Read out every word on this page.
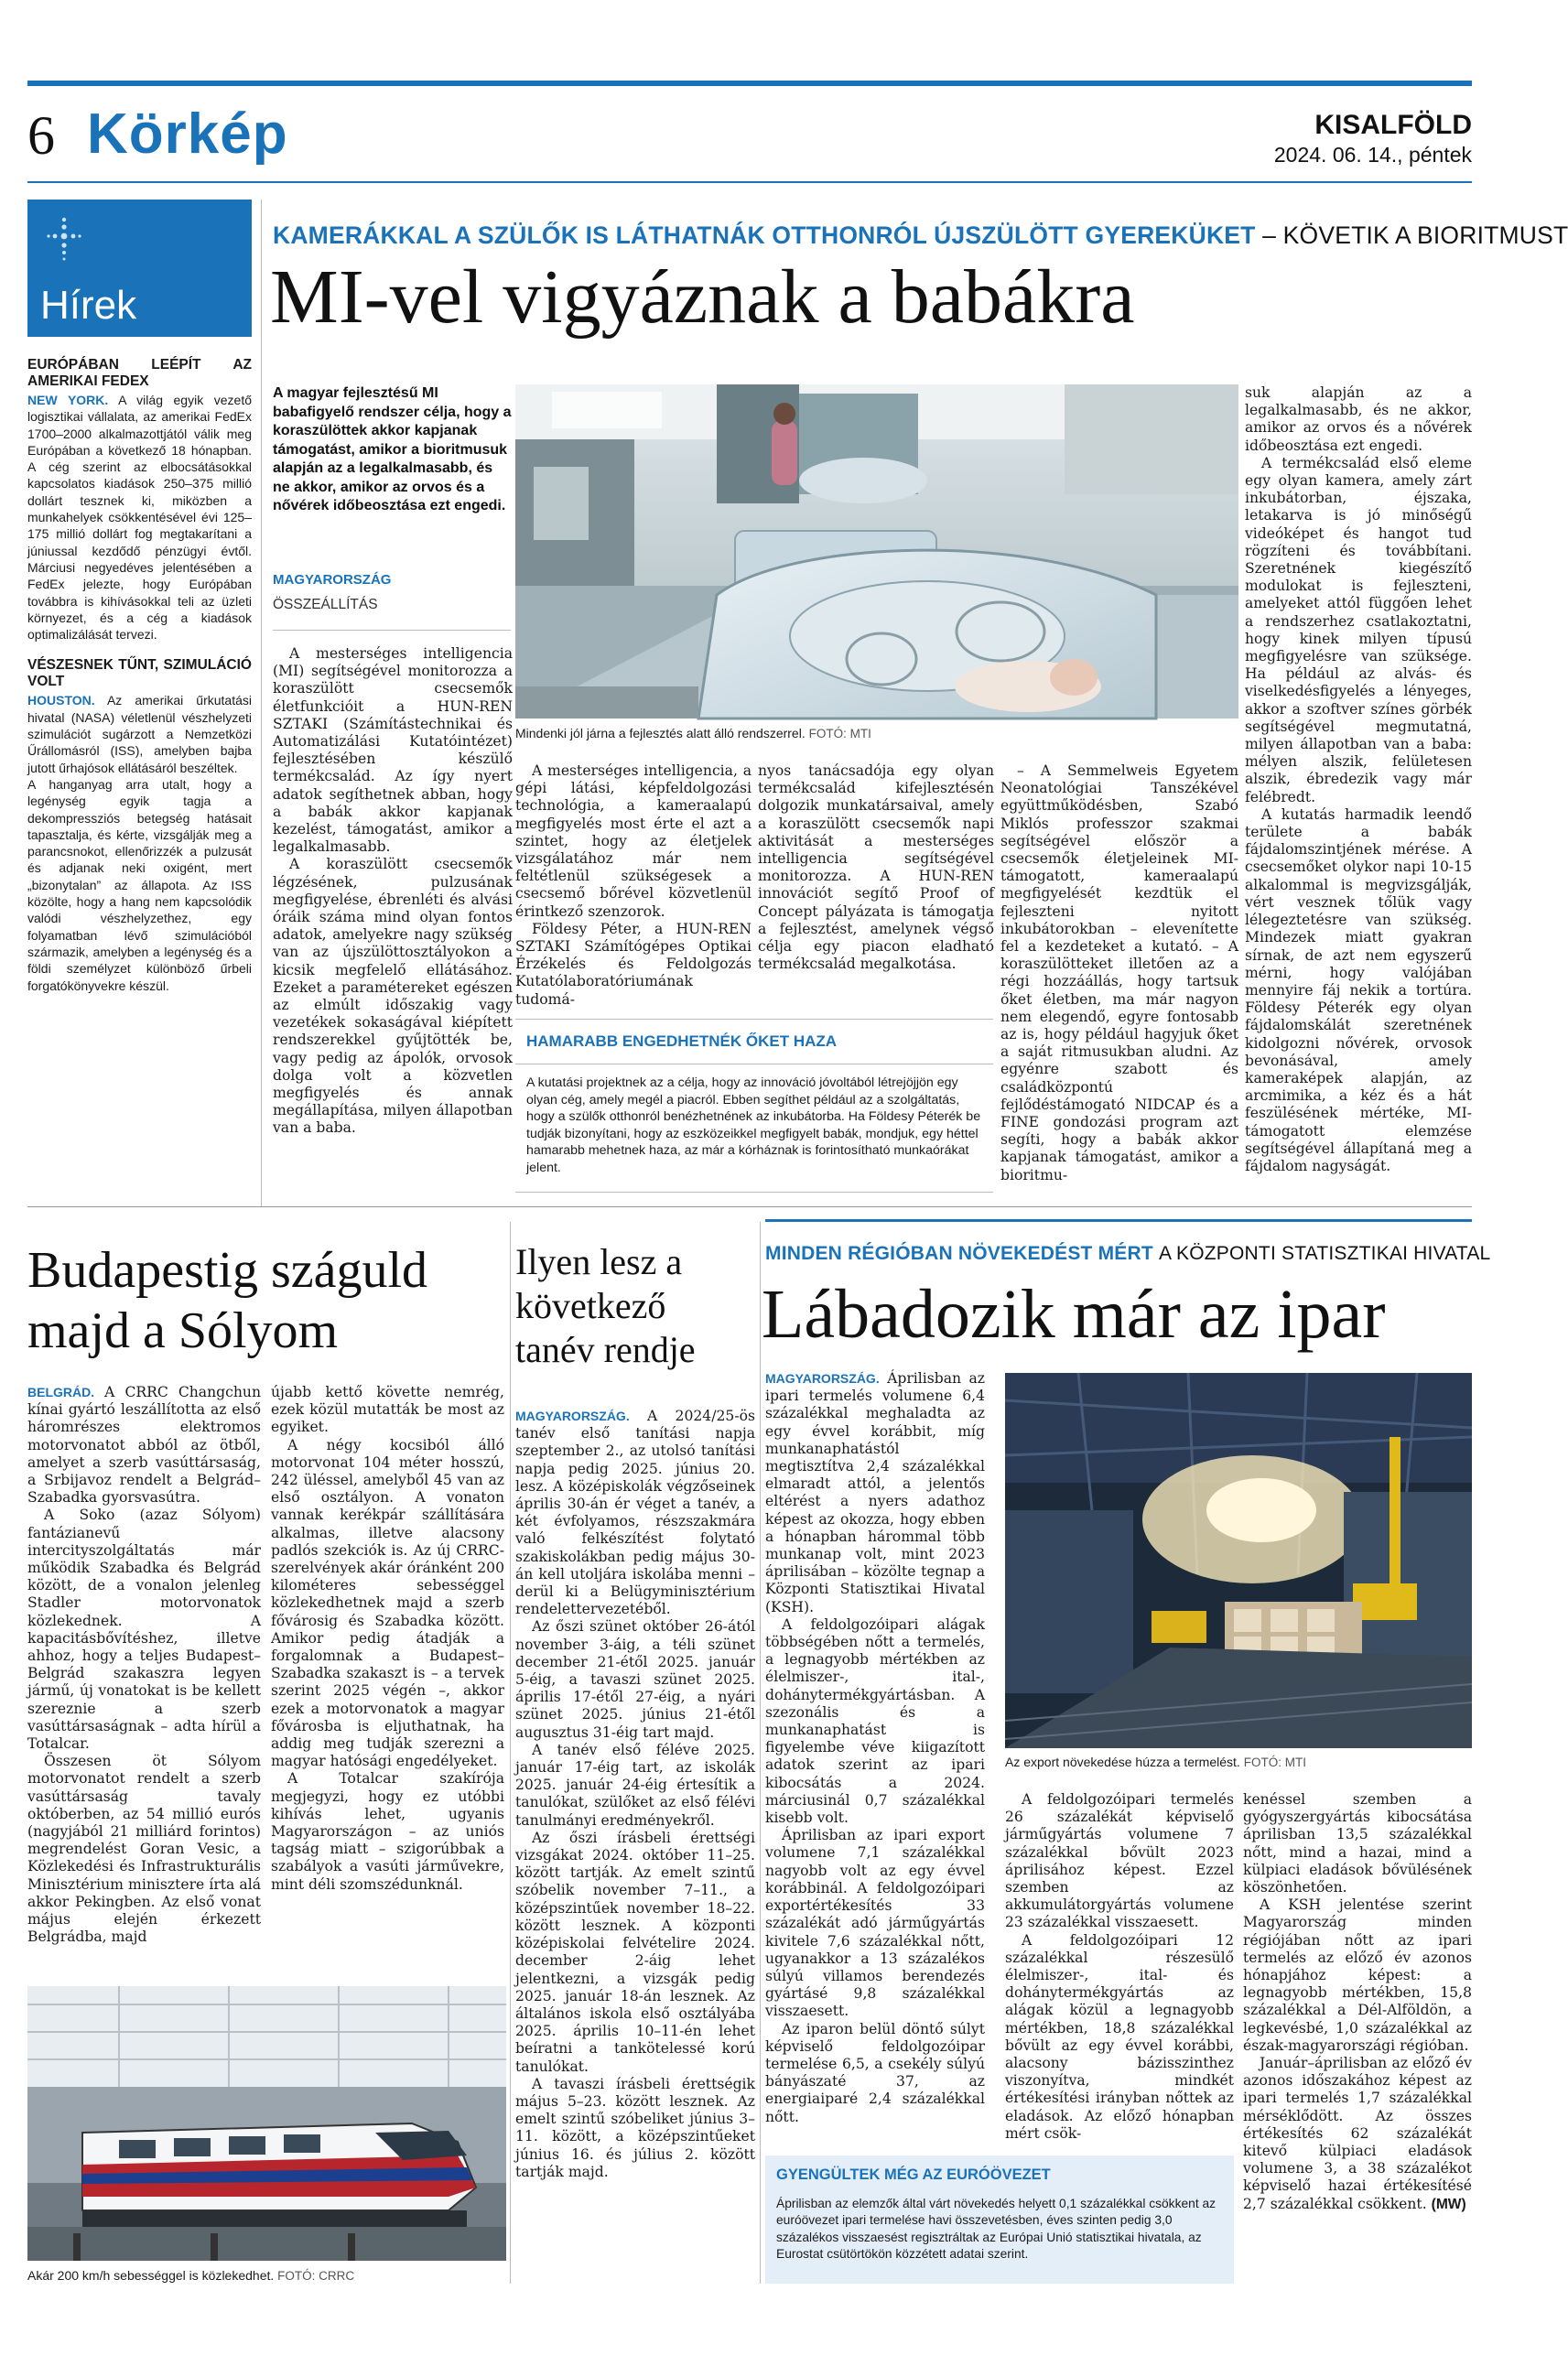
6 Körkép	KISALFÖLD
2024. 06. 14., péntek
Hírek
EURÓPÁBAN LEÉPÍT AZ AMERIKAI FEDEX

NEW YORK. A világ egyik vezető logisztikai vállalata, az amerikai FedEx 1700–2000 alkalmazottjától válik meg Európában a következő 18 hónapban. A cég szerint az elbocsátásokkal kapcsolatos kiadások 250–375 millió dollárt tesznek ki, miközben a munkahelyek csökkentésével évi 125–175 millió dollárt fog megtakarítani a júniussal kezdődő pénzügyi évtől. Márciusi negyedéves jelentésében a FedEx jelezte, hogy Európában továbbra is kihívásokkal teli az üzleti környezet, és a cég a kiadások optimalizálását tervezi.

VÉSZESNEK TŰNT, SZIMULÁCIÓ VOLT

HOUSTON. Az amerikai űrkutatási hivatal (NASA) véletlenül vészhelyzeti szimulációt sugárzott a Nemzetközi Űrállomásról (ISS), amelyben bajba jutott űrhajósok ellátásáról beszéltek.

A hanganyag arra utalt, hogy a legénység egyik tagja a dekompressziós betegség hatásait tapasztalja, és kérte, vizsgálják meg a parancsnokot, ellenőrizzék a pulzusát és adjanak neki oxigént, mert „bizonytalan” az állapota. Az ISS közölte, hogy a hang nem kapcsolódik valódi vészhelyzethez, egy folyamatban lévő szimulációból származik, amelyben a legénység és a földi személyzet különböző űrbeli forgatókönyvekre készül.

KAMERÁKKAL A SZÜLŐK IS LÁTHATNÁK OTTHONRÓL ÚJSZÜLÖTT GYEREKÜKET – KÖVETIK A BIORITMUST
MI-vel vigyáznak a babákra
A magyar fejlesztésű MI babafigyelő rendszer célja, hogy a koraszülöttek akkor kapjanak támogatást, amikor a bioritmusuk alapján az a legalkalmasabb, és ne akkor, amikor az orvos és a nővérek időbeosztása ezt engedi.
MAGYARORSZÁG
ÖSSZEÁLLÍTÁS
Mindenki jól járna a fejlesztés alatt álló rendszerrel. FOTÓ: MTI

A mesterséges intelligencia (MI) segítségével monitorozza a koraszülött csecsemők életfunkcióit a HUN-REN SZTAKI (Számítástechnikai és Automatizálási Kutatóintézet) fejlesztésében készülő termékcsalád. Az így nyert adatok segíthetnek abban, hogy a babák akkor kapjanak kezelést, támogatást, amikor a legalkalmasabb.

A koraszülött csecsemők légzésének, pulzusának megfigyelése, ébrenléti és alvási óráik száma mind olyan fontos adatok, amelyekre nagy szükség van az újszülöttosztályokon a kicsik megfelelő ellátásához. Ezeket a paramétereket egészen az elmúlt időszakig vagy vezetékek sokaságával kiépített rendszerekkel gyűjtötték be, vagy pedig az ápolók, orvosok dolga volt a közvetlen megfigyelés és annak megállapítása, milyen állapotban van a baba.

A mesterséges intelligencia, a gépi látási, képfeldolgozási technológia, a kameraalapú megfigyelés most érte el azt a szintet, hogy az életjelek vizsgálatához már nem feltétlenül szükségesek a csecsemő bőrével közvetlenül érintkező szenzorok.

Földesy Péter, a HUN-REN SZTAKI Számítógépes Optikai Érzékelés és Feldolgozás Kutatólaboratóriumának tudomá-

nyos tanácsadója egy olyan termékcsalád kifejlesztésén dolgozik munkatársaival, amely a koraszülött csecsemők napi aktivitását a mesterséges intelligencia segítségével monitorozza. A HUN-REN innovációt segítő Proof of Concept pályázata is támogatja a fejlesztést, amelynek végső célja egy piacon eladható termékcsalád megalkotása.

– A Semmelweis Egyetem Neonatológiai Tanszékével együttműködésben, Szabó Miklós professzor szakmai segítségével először a csecsemők életjeleinek MI-támogatott, kameraalapú megfigyelését kezdtük el fejleszteni nyitott inkubátorokban – elevenítette fel a kezdeteket a kutató. – A koraszülötteket illetően az a régi hozzáállás, hogy tartsuk őket életben, ma már nagyon nem elegendő, egyre fontosabb az is, hogy például hagyjuk őket a saját ritmusukban aludni. Az egyénre szabott és családközpontú fejlődéstámogató NIDCAP és a FINE gondozási program azt segíti, hogy a babák akkor kapjanak támogatást, amikor a bioritmu-

suk alapján az a legalkalmasabb, és ne akkor, amikor az orvos és a nővérek időbeosztása ezt engedi.

A termékcsalád első eleme egy olyan kamera, amely zárt inkubátorban, éjszaka, letakarva is jó minőségű videóképet és hangot tud rögzíteni és továbbítani. Szeretnének kiegészítő modulokat is fejleszteni, amelyeket attól függően lehet a rendszerhez csatlakoztatni, hogy kinek milyen típusú megfigyelésre van szüksége. Ha például az alvás- és viselkedésfigyelés a lényeges, akkor a szoftver színes görbék segítségével megmutatná, milyen állapotban van a baba: mélyen alszik, felületesen alszik, ébredezik vagy már felébredt.

A kutatás harmadik leendő területe a babák fájdalomszintjének mérése. A csecsemőket olykor napi 10-15 alkalommal is megvizsgálják, vért vesznek tőlük vagy lélegeztetésre van szükség. Mindezek miatt gyakran sírnak, de azt nem egyszerű mérni, hogy valójában mennyire fáj nekik a tortúra. Földesy Péterék egy olyan fájdalomskálát szeretnének kidolgozni nővérek, orvosok bevonásával, amely kameraképek alapján, az arcmimika, a kéz és a hát feszülésének mértéke, MI-támogatott elemzése segítségével állapítaná meg a fájdalom nagyságát.

HAMARABB ENGEDHETNÉK ŐKET HAZA
A kutatási projektnek az a célja, hogy az innováció jóvoltából létrejöjjön egy olyan cég, amely megél a piacról. Ebben segíthet például az a szolgáltatás, hogy a szülők otthonról benézhetnének az inkubátorba. Ha Földesy Péterék be tudják bizonyítani, hogy az eszközeikkel megfigyelt babák, mondjuk, egy héttel hamarabb mehetnek haza, az már a kórháznak is forintosítható munkaórákat jelent.
Budapestig száguld majd a Sólyom

BELGRÁD. A CRRC Changchun kínai gyártó leszállította az első háromrészes elektromos motorvonatot abból az ötből, amelyet a szerb vasúttársaság, a Srbijavoz rendelt a Belgrád–Szabadka gyorsvasútra.

A Soko (azaz Sólyom) fantázianevű intercityszolgáltatás már működik Szabadka és Belgrád között, de a vonalon jelenleg Stadler motorvonatok közlekednek. A kapacitásbővítéshez, illetve ahhoz, hogy a teljes Budapest–Belgrád szakaszra legyen jármű, új vonatokat is be kellett szereznie a szerb vasúttársaságnak – adta hírül a Totalcar.

Összesen öt Sólyom motorvonatot rendelt a szerb vasúttársaság tavaly októberben, az 54 millió eurós (nagyjából 21 milliárd forintos) megrendelést Goran Vesic, a Közlekedési és Infrastrukturális Minisztérium minisztere írta alá akkor Pekingben. Az első vonat május elején érkezett Belgrádba, majd

újabb kettő követte nemrég, ezek közül mutatták be most az egyiket.

A négy kocsiból álló motorvonat 104 méter hosszú, 242 üléssel, amelyből 45 van az első osztályon. A vonaton vannak kerékpár szállítására alkalmas, illetve alacsony padlós szekciók is. Az új CRRC-szerelvények akár óránként 200 kilométeres sebességgel közlekedhetnek majd a szerb fővárosig és Szabadka között. Amikor pedig átadják a forgalomnak a Budapest–Szabadka szakaszt is – a tervek szerint 2025 végén –, akkor ezek a motorvonatok a magyar fővárosba is eljuthatnak, ha addig meg tudják szerezni a magyar hatósági engedélyeket.

A Totalcar szakírója megjegyzi, hogy ez utóbbi kihívás lehet, ugyanis Magyarországon – az uniós tagság miatt – szigorúbbak a szabályok a vasúti járművekre, mint déli szomszédunknál.

Akár 200 km/h sebességgel is közlekedhet. FOTÓ: CRRC
Ilyen lesz a következő tanév rendje

MAGYARORSZÁG. A 2024/25-ös tanév első tanítási napja szeptember 2., az utolsó tanítási napja pedig 2025. június 20. lesz. A középiskolák végzőseinek április 30-án ér véget a tanév, a két évfolyamos, részszakmára való felkészítést folytató szakiskolákban pedig május 30-án kell utoljára iskolába menni – derül ki a Belügyminisztérium rendelettervezetéből.

Az őszi szünet október 26-ától november 3-áig, a téli szünet december 21-étől 2025. január 5-éig, a tavaszi szünet 2025. április 17-étől 27-éig, a nyári szünet 2025. június 21-étől augusztus 31-éig tart majd.

A tanév első féléve 2025. január 17-éig tart, az iskolák 2025. január 24-éig értesítik a tanulókat, szülőket az első félévi tanulmányi eredményekről.

Az őszi írásbeli érettségi vizsgákat 2024. október 11–25. között tartják. Az emelt szintű szóbelik november 7–11., a középszintűek november 18–22. között lesznek. A központi középiskolai felvételire 2024. december 2-áig lehet jelentkezni, a vizsgák pedig 2025. január 18-án lesznek. Az általános iskola első osztályába 2025. április 10–11-én lehet beíratni a tankötelessé korú tanulókat.

A tavaszi írásbeli érettségik május 5–23. között lesznek. Az emelt szintű szóbeliket június 3–11. között, a középszintűeket június 16. és július 2. között tartják majd.

MINDEN RÉGIÓBAN NÖVEKEDÉST MÉRT A KÖZPONTI STATISZTIKAI HIVATAL
Lábadozik már az ipar

MAGYARORSZÁG. Áprilisban az ipari termelés volumene 6,4 százalékkal meghaladta az egy évvel korábbit, míg munkanaphatástól megtisztítva 2,4 százalékkal elmaradt attól, a jelentős eltérést a nyers adathoz képest az okozza, hogy ebben a hónapban hárommal több munkanap volt, mint 2023 áprilisában – közölte tegnap a Központi Statisztikai Hivatal (KSH).

A feldolgozóipari alágak többségében nőtt a termelés, a legnagyobb mértékben az élelmiszer-, ital-, dohánytermékgyártásban. A szezonális és a munkanaphatást is figyelembe véve kiigazított adatok szerint az ipari kibocsátás a 2024. márciusinál 0,7 százalékkal kisebb volt.

Áprilisban az ipari export volumene 7,1 százalékkal nagyobb volt az egy évvel korábbinál. A feldolgozóipari exportértékesítés 33 százalékát adó járműgyártás kivitele 7,6 százalékkal nőtt, ugyanakkor a 13 százalékos súlyú villamos berendezés gyártásé 9,8 százalékkal visszaesett.

Az iparon belül döntő súlyt képviselő feldolgozóipar termelése 6,5, a csekély súlyú bányászaté 37, az energiaiparé 2,4 százalékkal nőtt.

Az export növekedése húzza a termelést. FOTÓ: MTI

A feldolgozóipari termelés 26 százalékát képviselő járműgyártás volumene 7 százalékkal bővült 2023 áprilisához képest. Ezzel szemben az akkumulátorgyártás volumene 23 százalékkal visszaesett.

A feldolgozóipari 12 százalékkal részesülő élelmiszer-, ital- és dohánytermékgyártás az alágak közül a legnagyobb mértékben, 18,8 százalékkal bővült az egy évvel korábbi, alacsony bázisszinthez viszonyítva, mindkét értékesítési irányban nőttek az eladások. Az előző hónapban mért csök-

kenéssel szemben a gyógyszergyártás kibocsátása áprilisban 13,5 százalékkal nőtt, mind a hazai, mind a külpiaci eladások bővülésének köszönhetően.

A KSH jelentése szerint Magyarország minden régiójában nőtt az ipari termelés az előző év azonos hónapjához képest: a legnagyobb mértékben, 15,8 százalékkal a Dél-Alföldön, a legkevésbé, 1,0 százalékkal az észak-magyarországi régióban.

Január–áprilisban az előző év azonos időszakához képest az ipari termelés 1,7 százalékkal mérséklődött. Az összes értékesítés 62 százalékát kitevő külpiaci eladások volumene 3, a 38 százalékot képviselő hazai értékesítésé 2,7 százalékkal csökkent. (MW)

GYENGÜLTEK MÉG AZ EURÓÖVEZET
Áprilisban az elemzők által várt növekedés helyett 0,1 százalékkal csökkent az euróövezet ipari termelése havi összevetésben, éves szinten pedig 3,0 százalékos visszaesést regisztráltak az Európai Unió statisztikai hivatala, az Eurostat csütörtökön közzétett adatai szerint.
